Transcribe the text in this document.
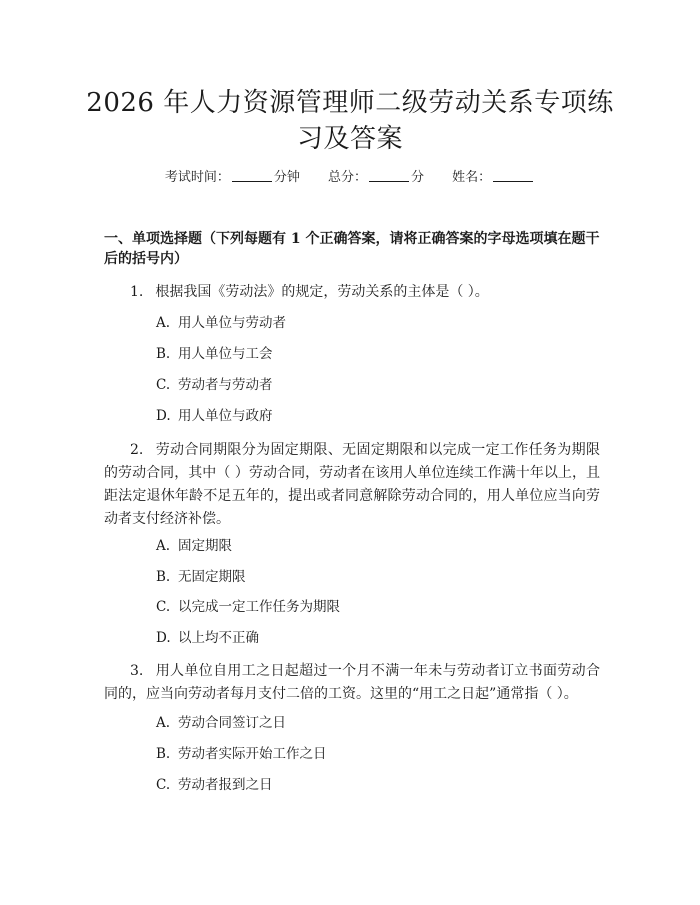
2026 年人力资源管理师二级劳动关系专项练
习及答案
考试时间：	分钟 总分：	分 姓名：
一、单项选择题（下列每题有 1 个正确答案，请将正确答案的字母选项填在题干
后的括号内）
1. 根据我国《劳动法》的规定，劳动关系的主体是（ ）。
A. 用人单位与劳动者
B. 用人单位与工会
C. 劳动者与劳动者
D. 用人单位与政府
2. 劳动合同期限分为固定期限、无固定期限和以完成一定工作任务为期限的劳动合同，其中（ ）劳动合同，劳动者在该用人单位连续工作满十年以上，且距法定退休年龄不足五年的，提出或者同意解除劳动合同的，用人单位应当向劳动者支付经济补偿。
A. 固定期限
B. 无固定期限
C. 以完成一定工作任务为期限
D. 以上均不正确
3. 用人单位自用工之日起超过一个月不满一年未与劳动者订立书面劳动合同的，应当向劳动者每月支付二倍的工资。这里的“用工之日起”通常指（ ）。
A. 劳动合同签订之日
B. 劳动者实际开始工作之日
C. 劳动者报到之日
